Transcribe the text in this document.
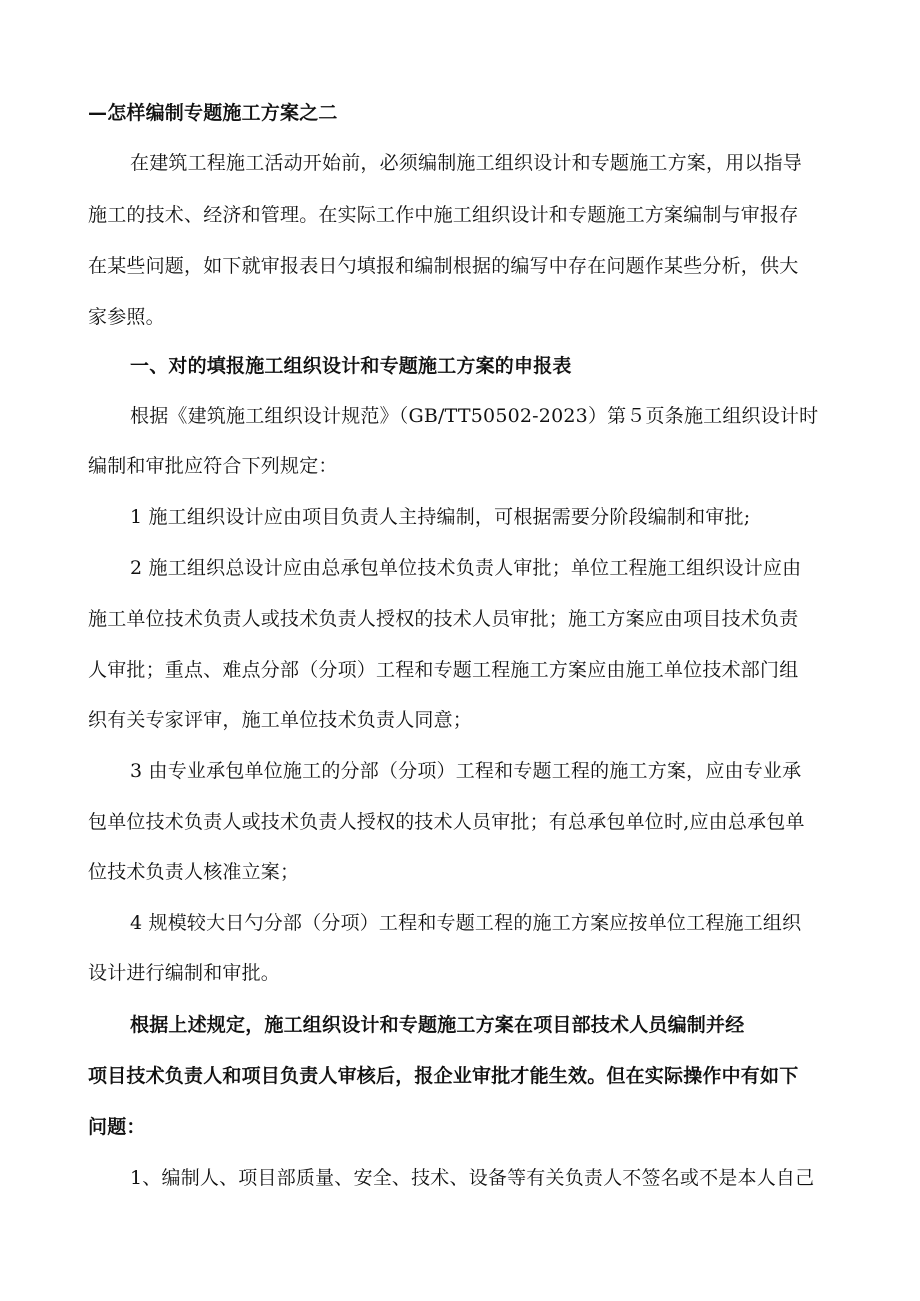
—怎样编制专题施工方案之二
在建筑工程施工活动开始前，必须编制施工组织设计和专题施工方案，用以指导
施工的技术、经济和管理。在实际工作中施工组织设计和专题施工方案编制与审报存
在某些问题，如下就审报表日勺填报和编制根据的编写中存在问题作某些分析，供大
家参照。
一、对的填报施工组织设计和专题施工方案的申报表
根据《建筑施工组织设计规范》（GB/TT50502-2023）第５页条施工组织设计时
编制和审批应符合下列规定：
1 施工组织设计应由项目负责人主持编制，可根据需要分阶段编制和审批;
2 施工组织总设计应由总承包单位技术负责人审批；单位工程施工组织设计应由
施工单位技术负责人或技术负责人授权的技术人员审批；施工方案应由项目技术负责
人审批；重点、难点分部（分项）工程和专题工程施工方案应由施工单位技术部门组
织有关专家评审，施工单位技术负责人同意；
3 由专业承包单位施工的分部（分项）工程和专题工程的施工方案，应由专业承
包单位技术负责人或技术负责人授权的技术人员审批；有总承包单位时,应由总承包单
位技术负责人核准立案；
4 规模较大日勺分部（分项）工程和专题工程的施工方案应按单位工程施工组织
设计进行编制和审批。
根据上述规定，施工组织设计和专题施工方案在项目部技术人员编制并经
项目技术负责人和项目负责人审核后，报企业审批才能生效。但在实际操作中有如下
问题：
1、编制人、项目部质量、安全、技术、设备等有关负责人不签名或不是本人自己
